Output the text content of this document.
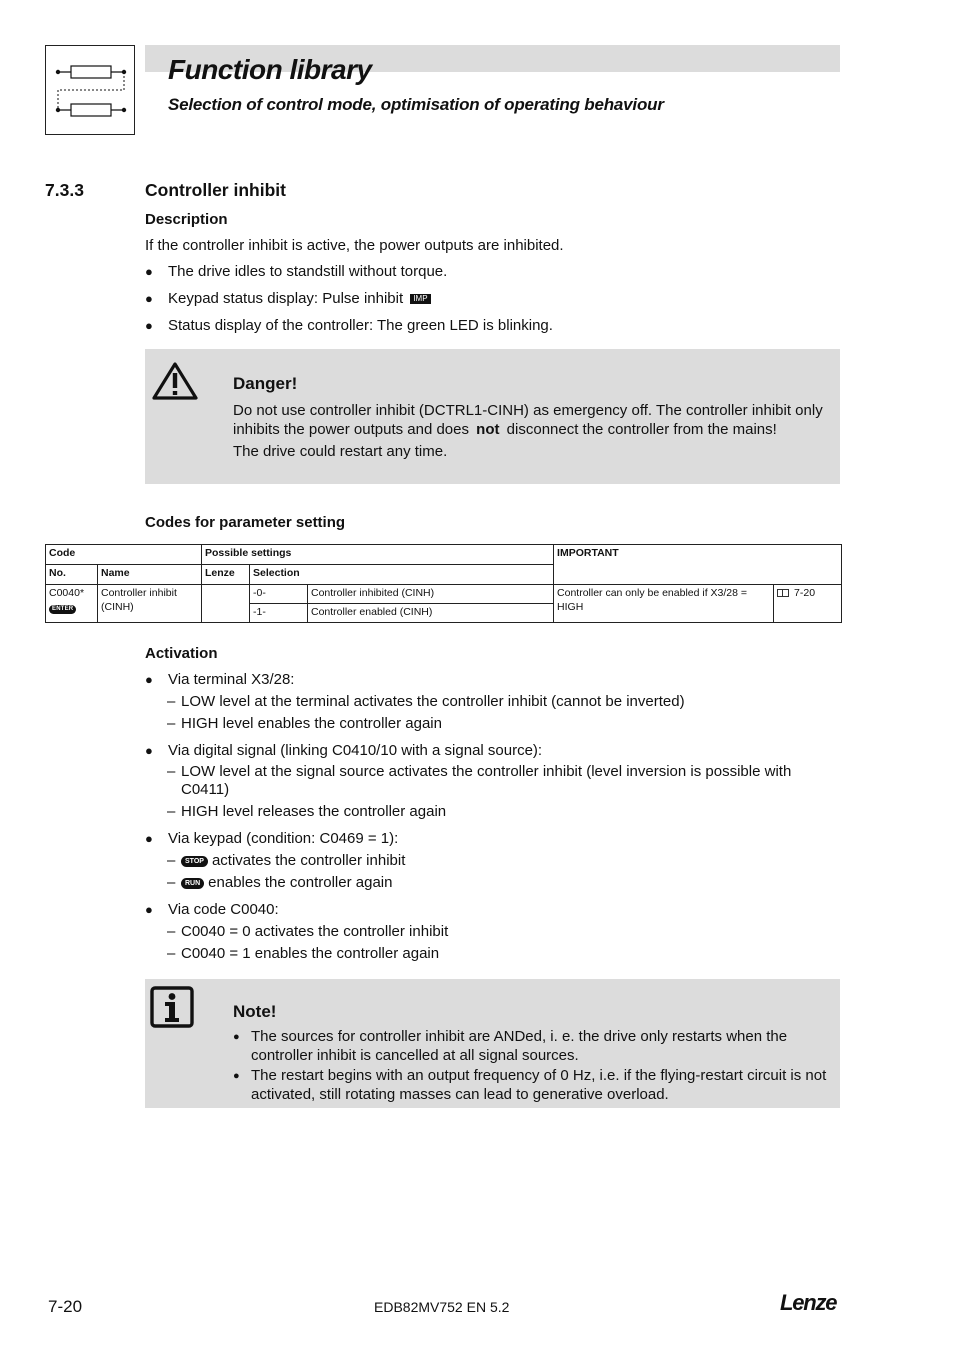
Function library
Selection of control mode, optimisation of operating behaviour
7.3.3	Controller inhibit
Description
If the controller inhibit is active, the power outputs are inhibited.
● The drive idles to standstill without torque.
● Keypad status display: Pulse inhibit IMP
● Status display of the controller: The green LED is blinking.
Danger!
Do not use controller inhibit (DCTRL1-CINH) as emergency off. The controller inhibit only inhibits the power outputs and does not disconnect the controller from the mains!
The drive could restart any time.
Codes for parameter setting
Code		Possible settings			IMPORTANT	
No.	Name	Lenze	Selection			

C0040*
ENTER	Controller inhibit (CINH)		-0-	Controller inhibited (CINH)	Controller can only be enabled if X3/28 = HIGH	7-20
			-1-	Controller enabled (CINH)		
Activation
● Via terminal X3/28:
– LOW level at the terminal activates the controller inhibit (cannot be inverted)
– HIGH level enables the controller again
● Via digital signal (linking C0410/10 with a signal source):
– LOW level at the signal source activates the controller inhibit (level inversion is possible with C0411)
– HIGH level releases the controller again
● Via keypad (condition: C0469 = 1):
–	STOP activates the controller inhibit
–	RUN enables the controller again
● Via code C0040:
– C0040 = 0 activates the controller inhibit
– C0040 = 1 enables the controller again
Note!
● The sources for controller inhibit are ANDed, i. e. the drive only restarts when the controller inhibit is cancelled at all signal sources.
● The restart begins with an output frequency of 0 Hz, i.e. if the flying-restart circuit is not activated, still rotating masses can lead to generative overload.
7-20	EDB82MV752 EN 5.2	Lenze
